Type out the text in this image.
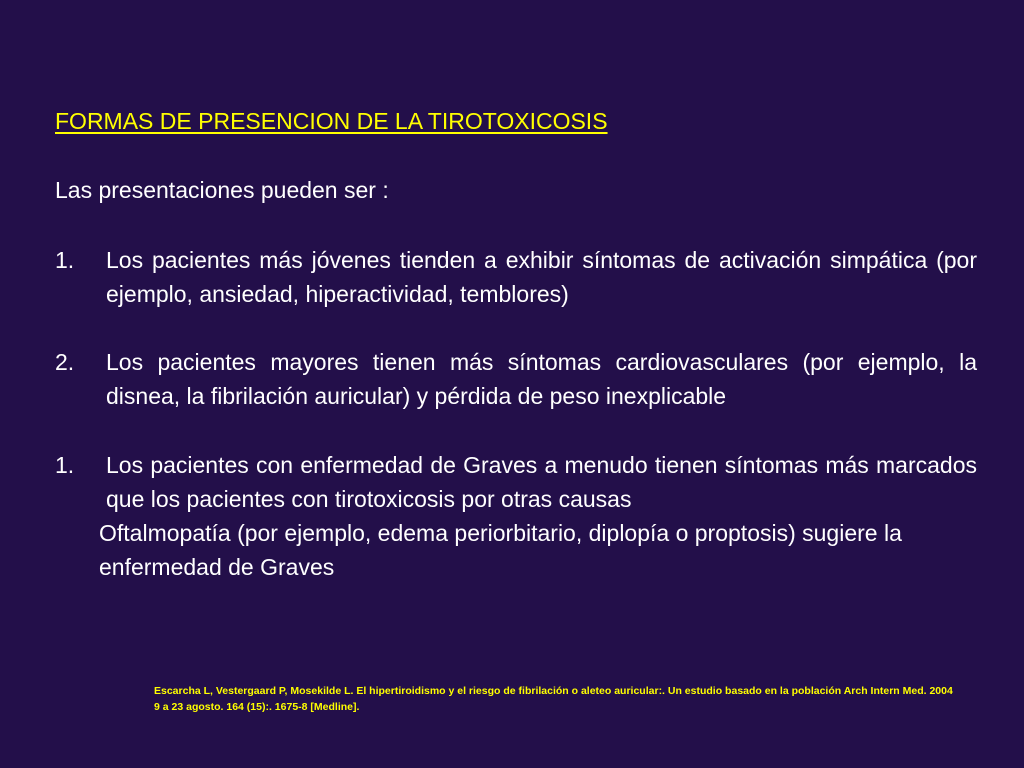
FORMAS DE PRESENCION DE LA TIROTOXICOSIS
Las presentaciones pueden ser :
1. Los pacientes más jóvenes tienden a exhibir síntomas de activación simpática (por ejemplo, ansiedad, hiperactividad, temblores)
2. Los pacientes mayores tienen más síntomas cardiovasculares (por ejemplo, la disnea, la fibrilación auricular) y pérdida de peso inexplicable
1. Los pacientes con enfermedad de Graves a menudo tienen síntomas más marcados que los pacientes con tirotoxicosis por otras causas
Oftalmopatía (por ejemplo, edema periorbitario, diplopía o proptosis) sugiere la enfermedad de Graves
Escarcha L, Vestergaard P, Mosekilde L. El hipertiroidismo y el riesgo de fibrilación o aleteo auricular:. Un estudio basado en la población Arch Intern Med. 2004 9 a 23 agosto. 164 (15):. 1675-8 [Medline].
